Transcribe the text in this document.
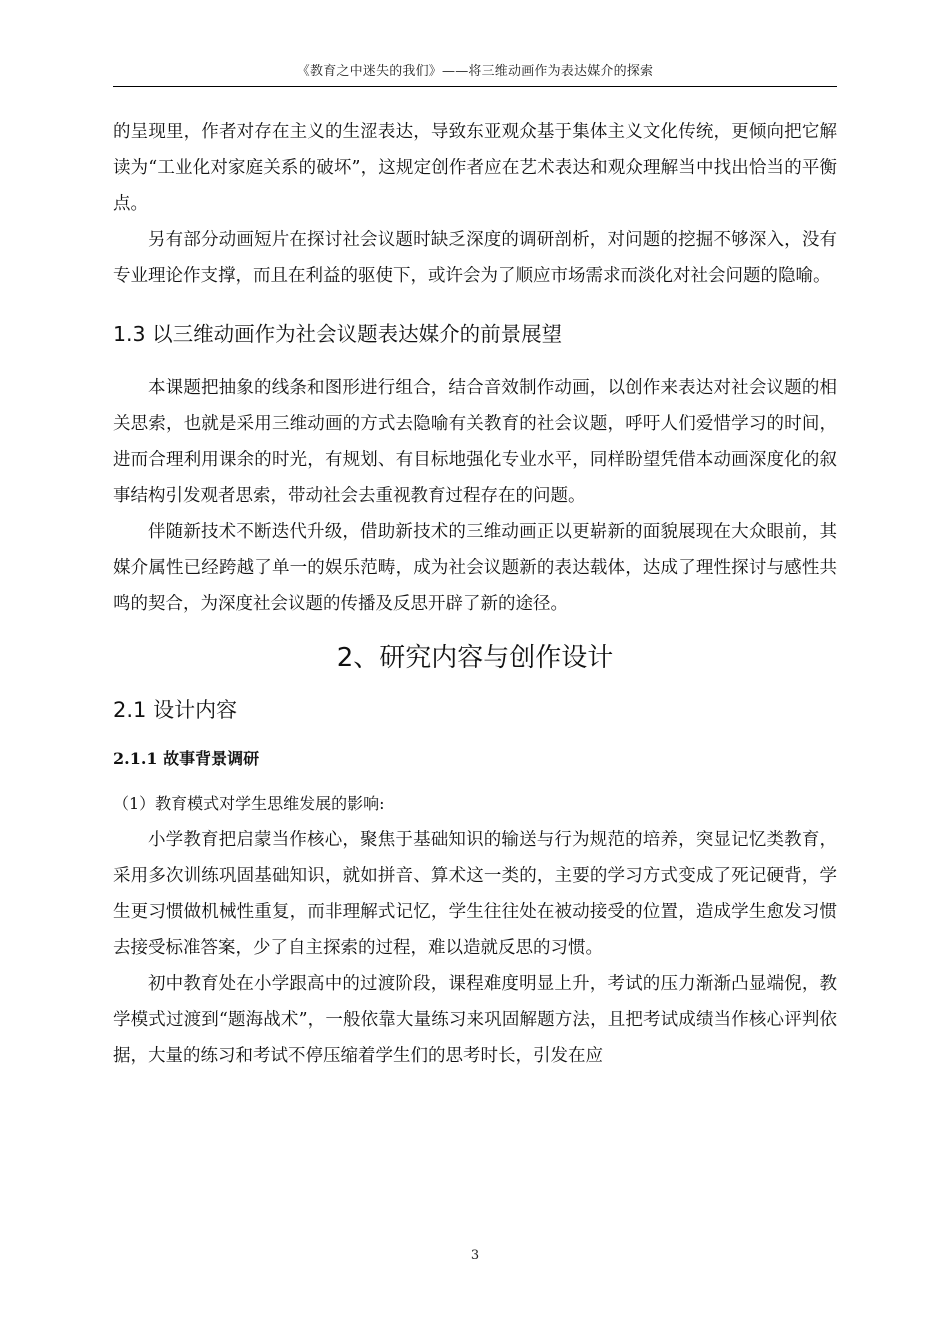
《教育之中迷失的我们》——将三维动画作为表达媒介的探索

的呈现里，作者对存在主义的生涩表达，导致东亚观众基于集体主义文化传统，更倾向把它解读为“工业化对家庭关系的破坏”，这规定创作者应在艺术表达和观众理解当中找出恰当的平衡点。

另有部分动画短片在探讨社会议题时缺乏深度的调研剖析，对问题的挖掘不够深入，没有专业理论作支撑，而且在利益的驱使下，或许会为了顺应市场需求而淡化对社会问题的隐喻。

1.3 以三维动画作为社会议题表达媒介的前景展望

本课题把抽象的线条和图形进行组合，结合音效制作动画，以创作来表达对社会议题的相关思索，也就是采用三维动画的方式去隐喻有关教育的社会议题，呼吁人们爱惜学习的时间，进而合理利用课余的时光，有规划、有目标地强化专业水平，同样盼望凭借本动画深度化的叙事结构引发观者思索，带动社会去重视教育过程存在的问题。

伴随新技术不断迭代升级，借助新技术的三维动画正以更崭新的面貌展现在大众眼前，其媒介属性已经跨越了单一的娱乐范畴，成为社会议题新的表达载体，达成了理性探讨与感性共鸣的契合，为深度社会议题的传播及反思开辟了新的途径。

2、研究内容与创作设计
2.1 设计内容
2.1.1 故事背景调研

（1）教育模式对学生思维发展的影响:

小学教育把启蒙当作核心，聚焦于基础知识的输送与行为规范的培养，突显记忆类教育，采用多次训练巩固基础知识，就如拼音、算术这一类的，主要的学习方式变成了死记硬背，学生更习惯做机械性重复，而非理解式记忆，学生往往处在被动接受的位置，造成学生愈发习惯去接受标准答案，少了自主探索的过程，难以造就反思的习惯。

初中教育处在小学跟高中的过渡阶段，课程难度明显上升，考试的压力渐渐凸显端倪，教学模式过渡到“题海战术”，一般依靠大量练习来巩固解题方法，且把考试成绩当作核心评判依据，大量的练习和考试不停压缩着学生们的思考时长，引发在应

3
